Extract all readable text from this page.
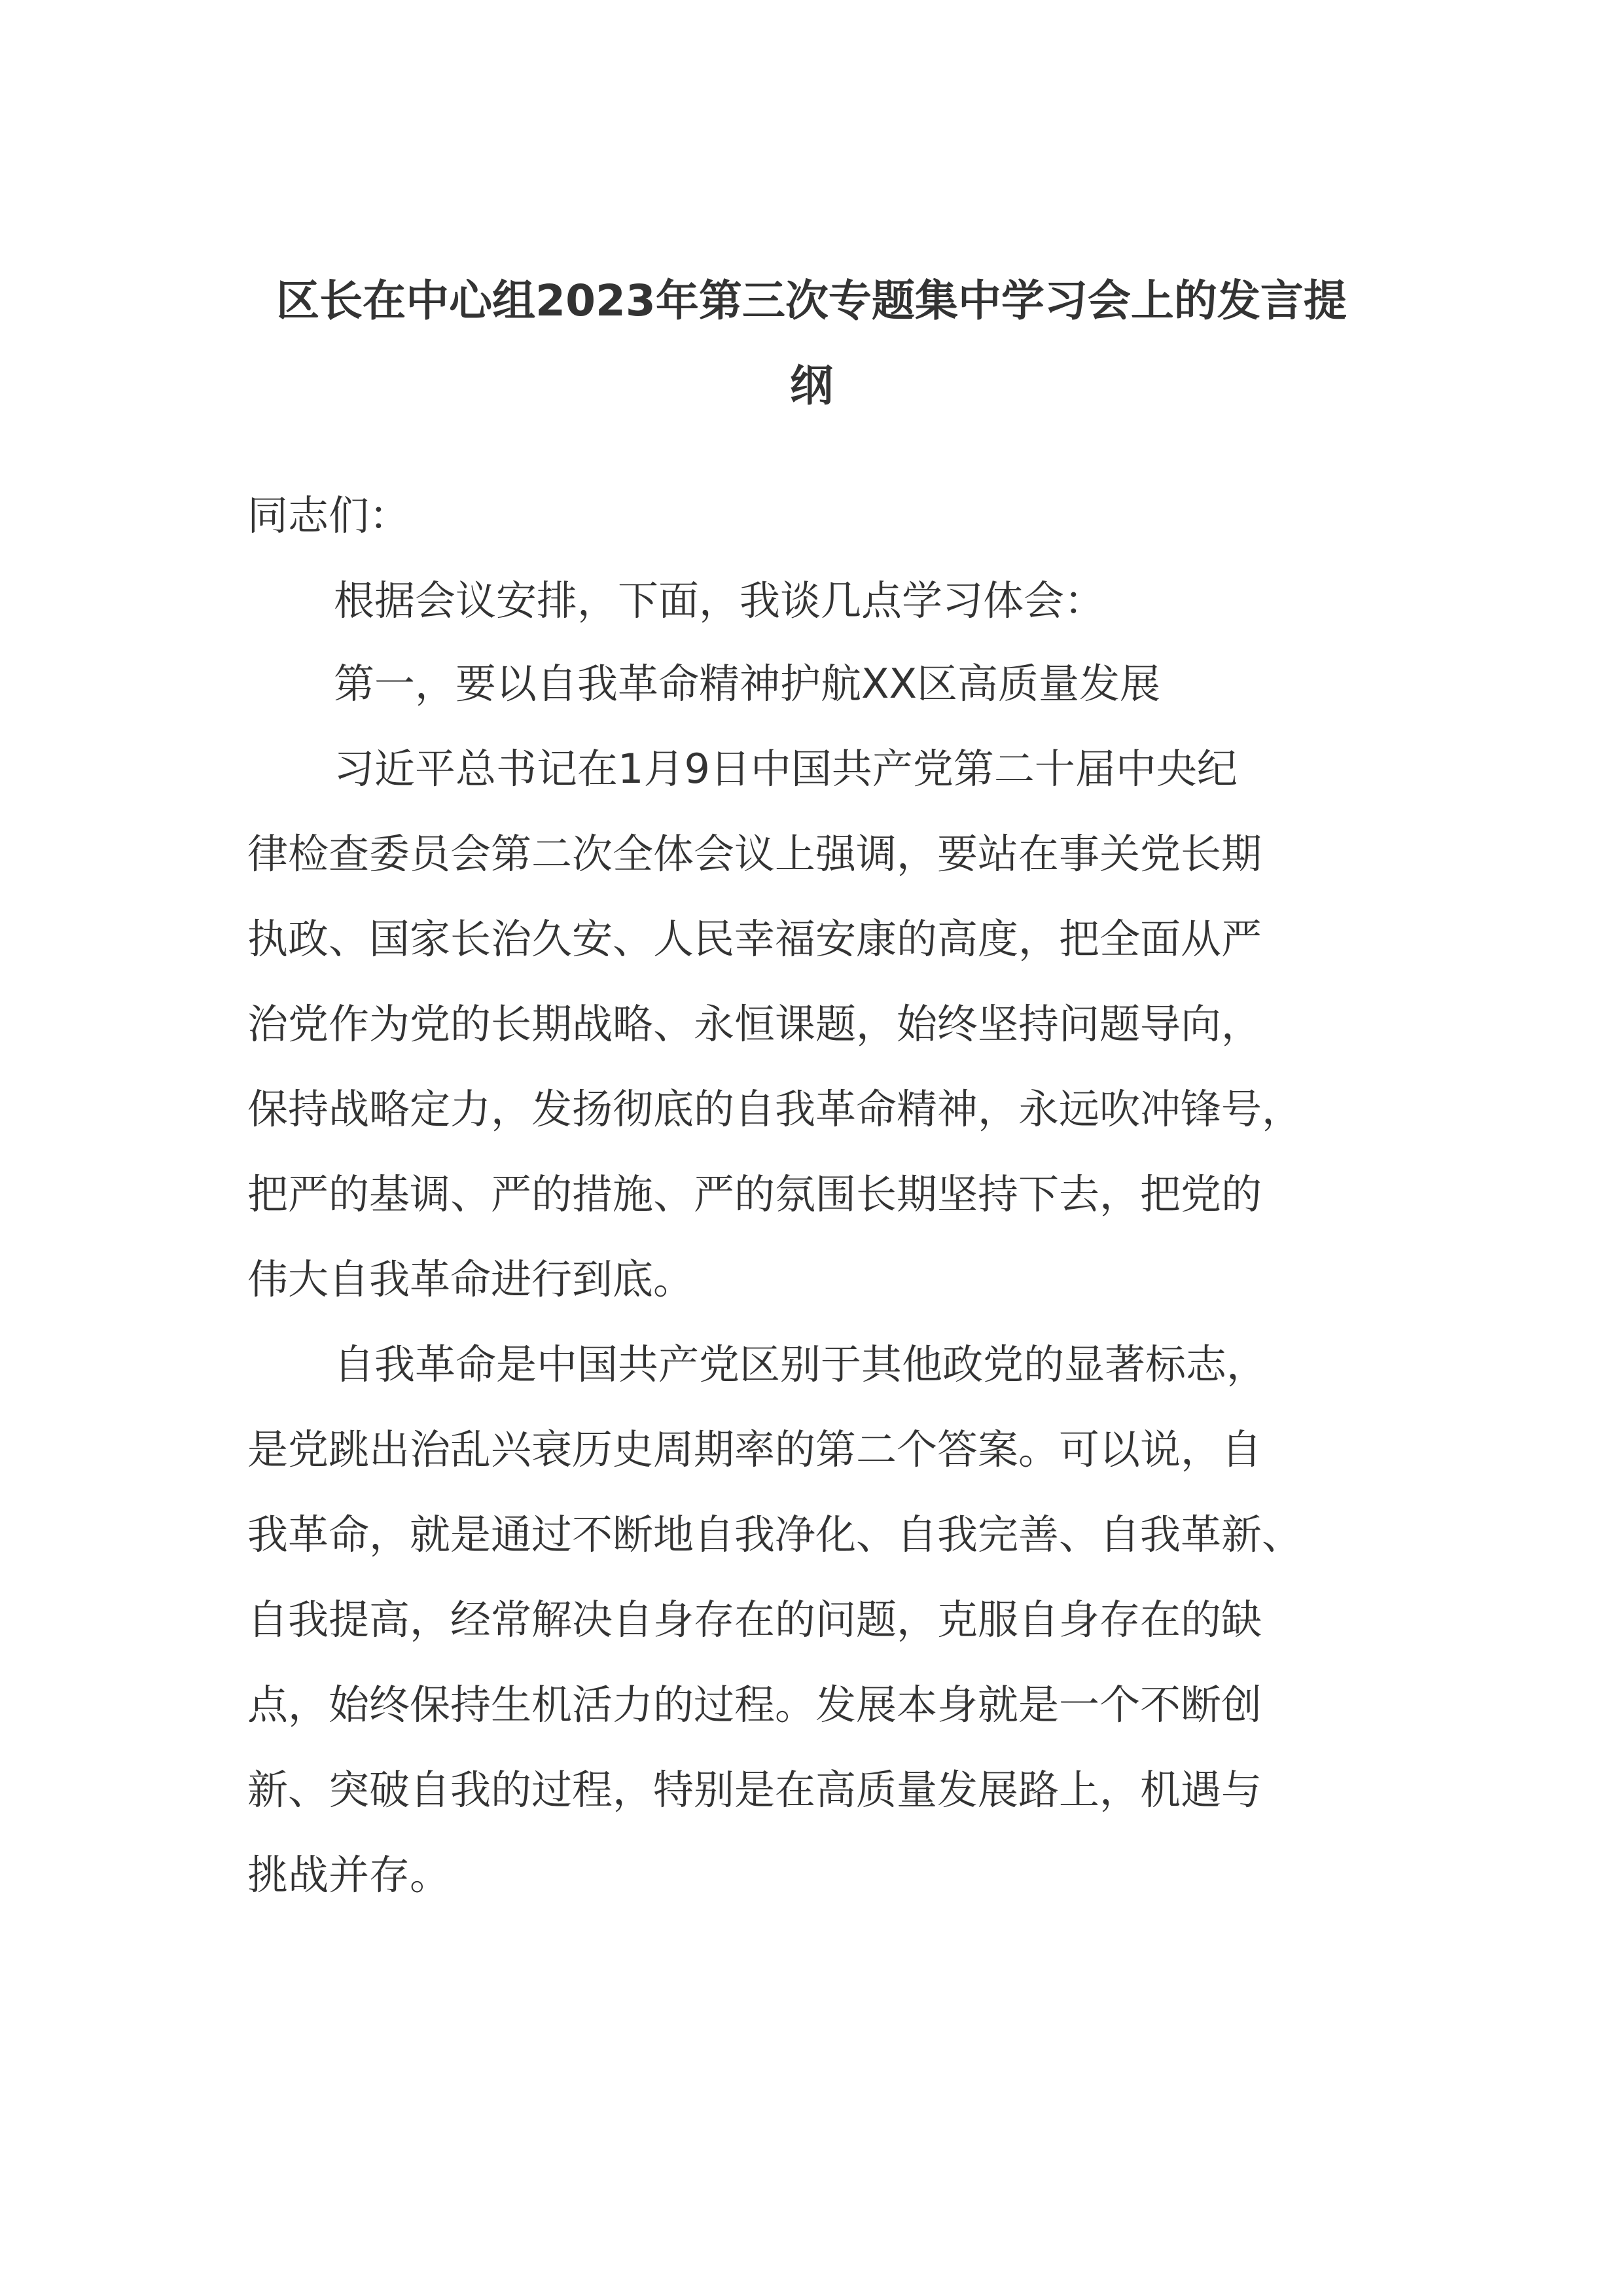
区长在中心组2023年第三次专题集中学习会上的发言提
纲
同志们：
根据会议安排，下面，我谈几点学习体会：
第一，要以自我革命精神护航XX区高质量发展
习近平总书记在1月9日中国共产党第二十届中央纪
律检查委员会第二次全体会议上强调，要站在事关党长期
执政、国家长治久安、人民幸福安康的高度，把全面从严
治党作为党的长期战略、永恒课题，始终坚持问题导向，
保持战略定力，发扬彻底的自我革命精神，永远吹冲锋号，
把严的基调、严的措施、严的氛围长期坚持下去，把党的
伟大自我革命进行到底。
自我革命是中国共产党区别于其他政党的显著标志，
是党跳出治乱兴衰历史周期率的第二个答案。可以说，自
我革命，就是通过不断地自我净化、自我完善、自我革新、
自我提高，经常解决自身存在的问题，克服自身存在的缺
点，始终保持生机活力的过程。发展本身就是一个不断创
新、突破自我的过程，特别是在高质量发展路上，机遇与
挑战并存。
